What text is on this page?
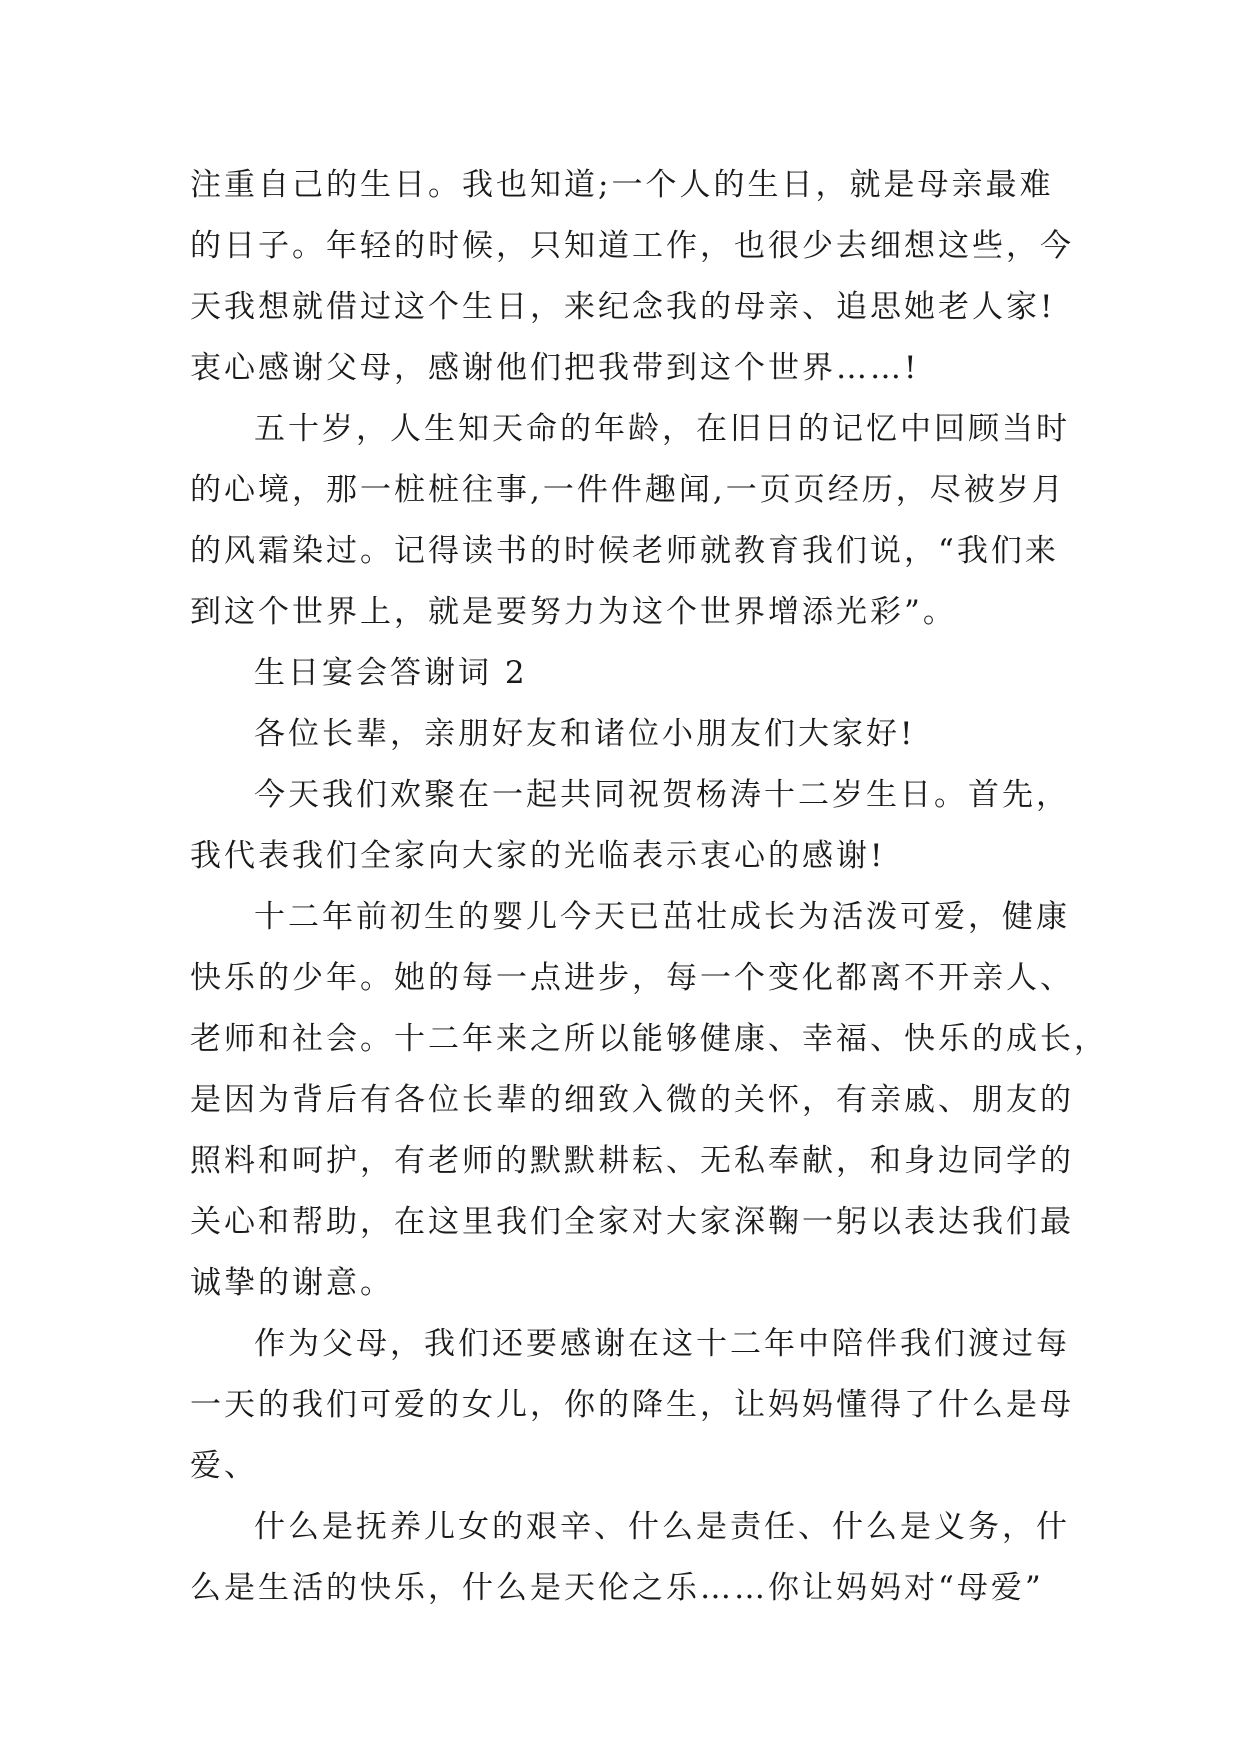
注重自己的生日。我也知道;一个人的生日，就是母亲最难
的日子。年轻的时候，只知道工作，也很少去细想这些，今
天我想就借过这个生日，来纪念我的母亲、追思她老人家!
衷心感谢父母，感谢他们把我带到这个世界……!
五十岁，人生知天命的年龄，在旧日的记忆中回顾当时
的心境，那一桩桩往事,一件件趣闻,一页页经历，尽被岁月
的风霜染过。记得读书的时候老师就教育我们说，“我们来
到这个世界上，就是要努力为这个世界增添光彩”。
生日宴会答谢词 2
各位长辈，亲朋好友和诸位小朋友们大家好!
今天我们欢聚在一起共同祝贺杨涛十二岁生日。首先，
我代表我们全家向大家的光临表示衷心的感谢!
十二年前初生的婴儿今天已茁壮成长为活泼可爱，健康
快乐的少年。她的每一点进步，每一个变化都离不开亲人、
老师和社会。十二年来之所以能够健康、幸福、快乐的成长，
是因为背后有各位长辈的细致入微的关怀，有亲戚、朋友的
照料和呵护，有老师的默默耕耘、无私奉献，和身边同学的
关心和帮助，在这里我们全家对大家深鞠一躬以表达我们最
诚挚的谢意。
作为父母，我们还要感谢在这十二年中陪伴我们渡过每
一天的我们可爱的女儿，你的降生，让妈妈懂得了什么是母
爱、
什么是抚养儿女的艰辛、什么是责任、什么是义务，什
么是生活的快乐，什么是天伦之乐……你让妈妈对“母爱”
